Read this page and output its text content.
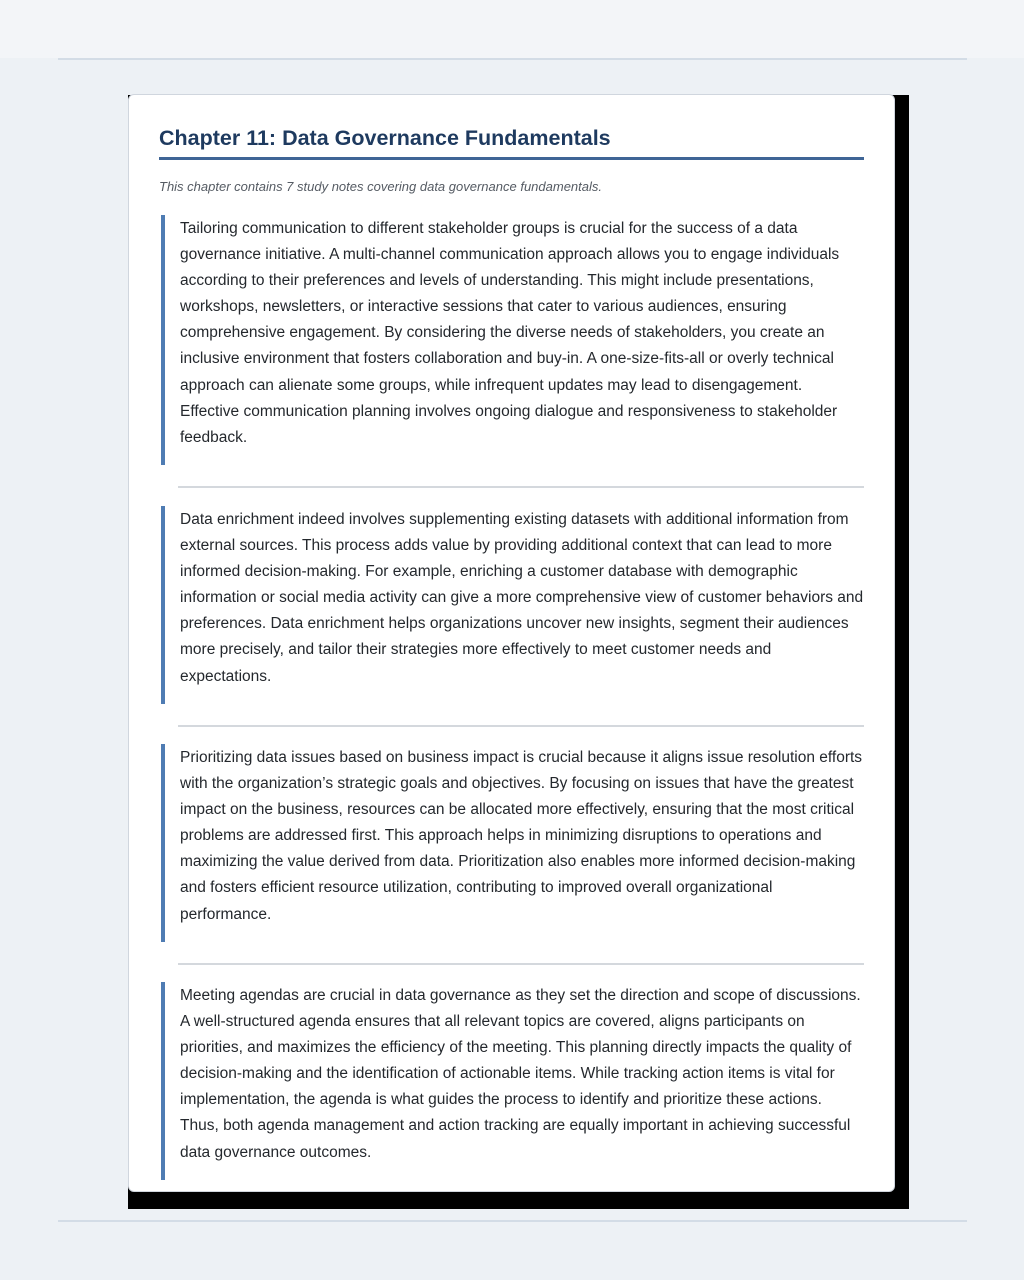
Chapter 11: Data Governance Fundamentals

This chapter contains 7 study notes covering data governance fundamentals.

Tailoring communication to different stakeholder groups is crucial for the success of a data governance initiative. A multi-channel communication approach allows you to engage individuals according to their preferences and levels of understanding. This might include presentations, workshops, newsletters, or interactive sessions that cater to various audiences, ensuring comprehensive engagement. By considering the diverse needs of stakeholders, you create an inclusive environment that fosters collaboration and buy-in. A one-size-fits-all or overly technical approach can alienate some groups, while infrequent updates may lead to disengagement. Effective communication planning involves ongoing dialogue and responsiveness to stakeholder feedback.

Data enrichment indeed involves supplementing existing datasets with additional information from external sources. This process adds value by providing additional context that can lead to more informed decision-making. For example, enriching a customer database with demographic information or social media activity can give a more comprehensive view of customer behaviors and preferences. Data enrichment helps organizations uncover new insights, segment their audiences more precisely, and tailor their strategies more effectively to meet customer needs and expectations.

Prioritizing data issues based on business impact is crucial because it aligns issue resolution efforts with the organization’s strategic goals and objectives. By focusing on issues that have the greatest impact on the business, resources can be allocated more effectively, ensuring that the most critical problems are addressed first. This approach helps in minimizing disruptions to operations and maximizing the value derived from data. Prioritization also enables more informed decision-making and fosters efficient resource utilization, contributing to improved overall organizational performance.

Meeting agendas are crucial in data governance as they set the direction and scope of discussions. A well-structured agenda ensures that all relevant topics are covered, aligns participants on priorities, and maximizes the efficiency of the meeting. This planning directly impacts the quality of decision-making and the identification of actionable items. While tracking action items is vital for implementation, the agenda is what guides the process to identify and prioritize these actions. Thus, both agenda management and action tracking are equally important in achieving successful data governance outcomes.
